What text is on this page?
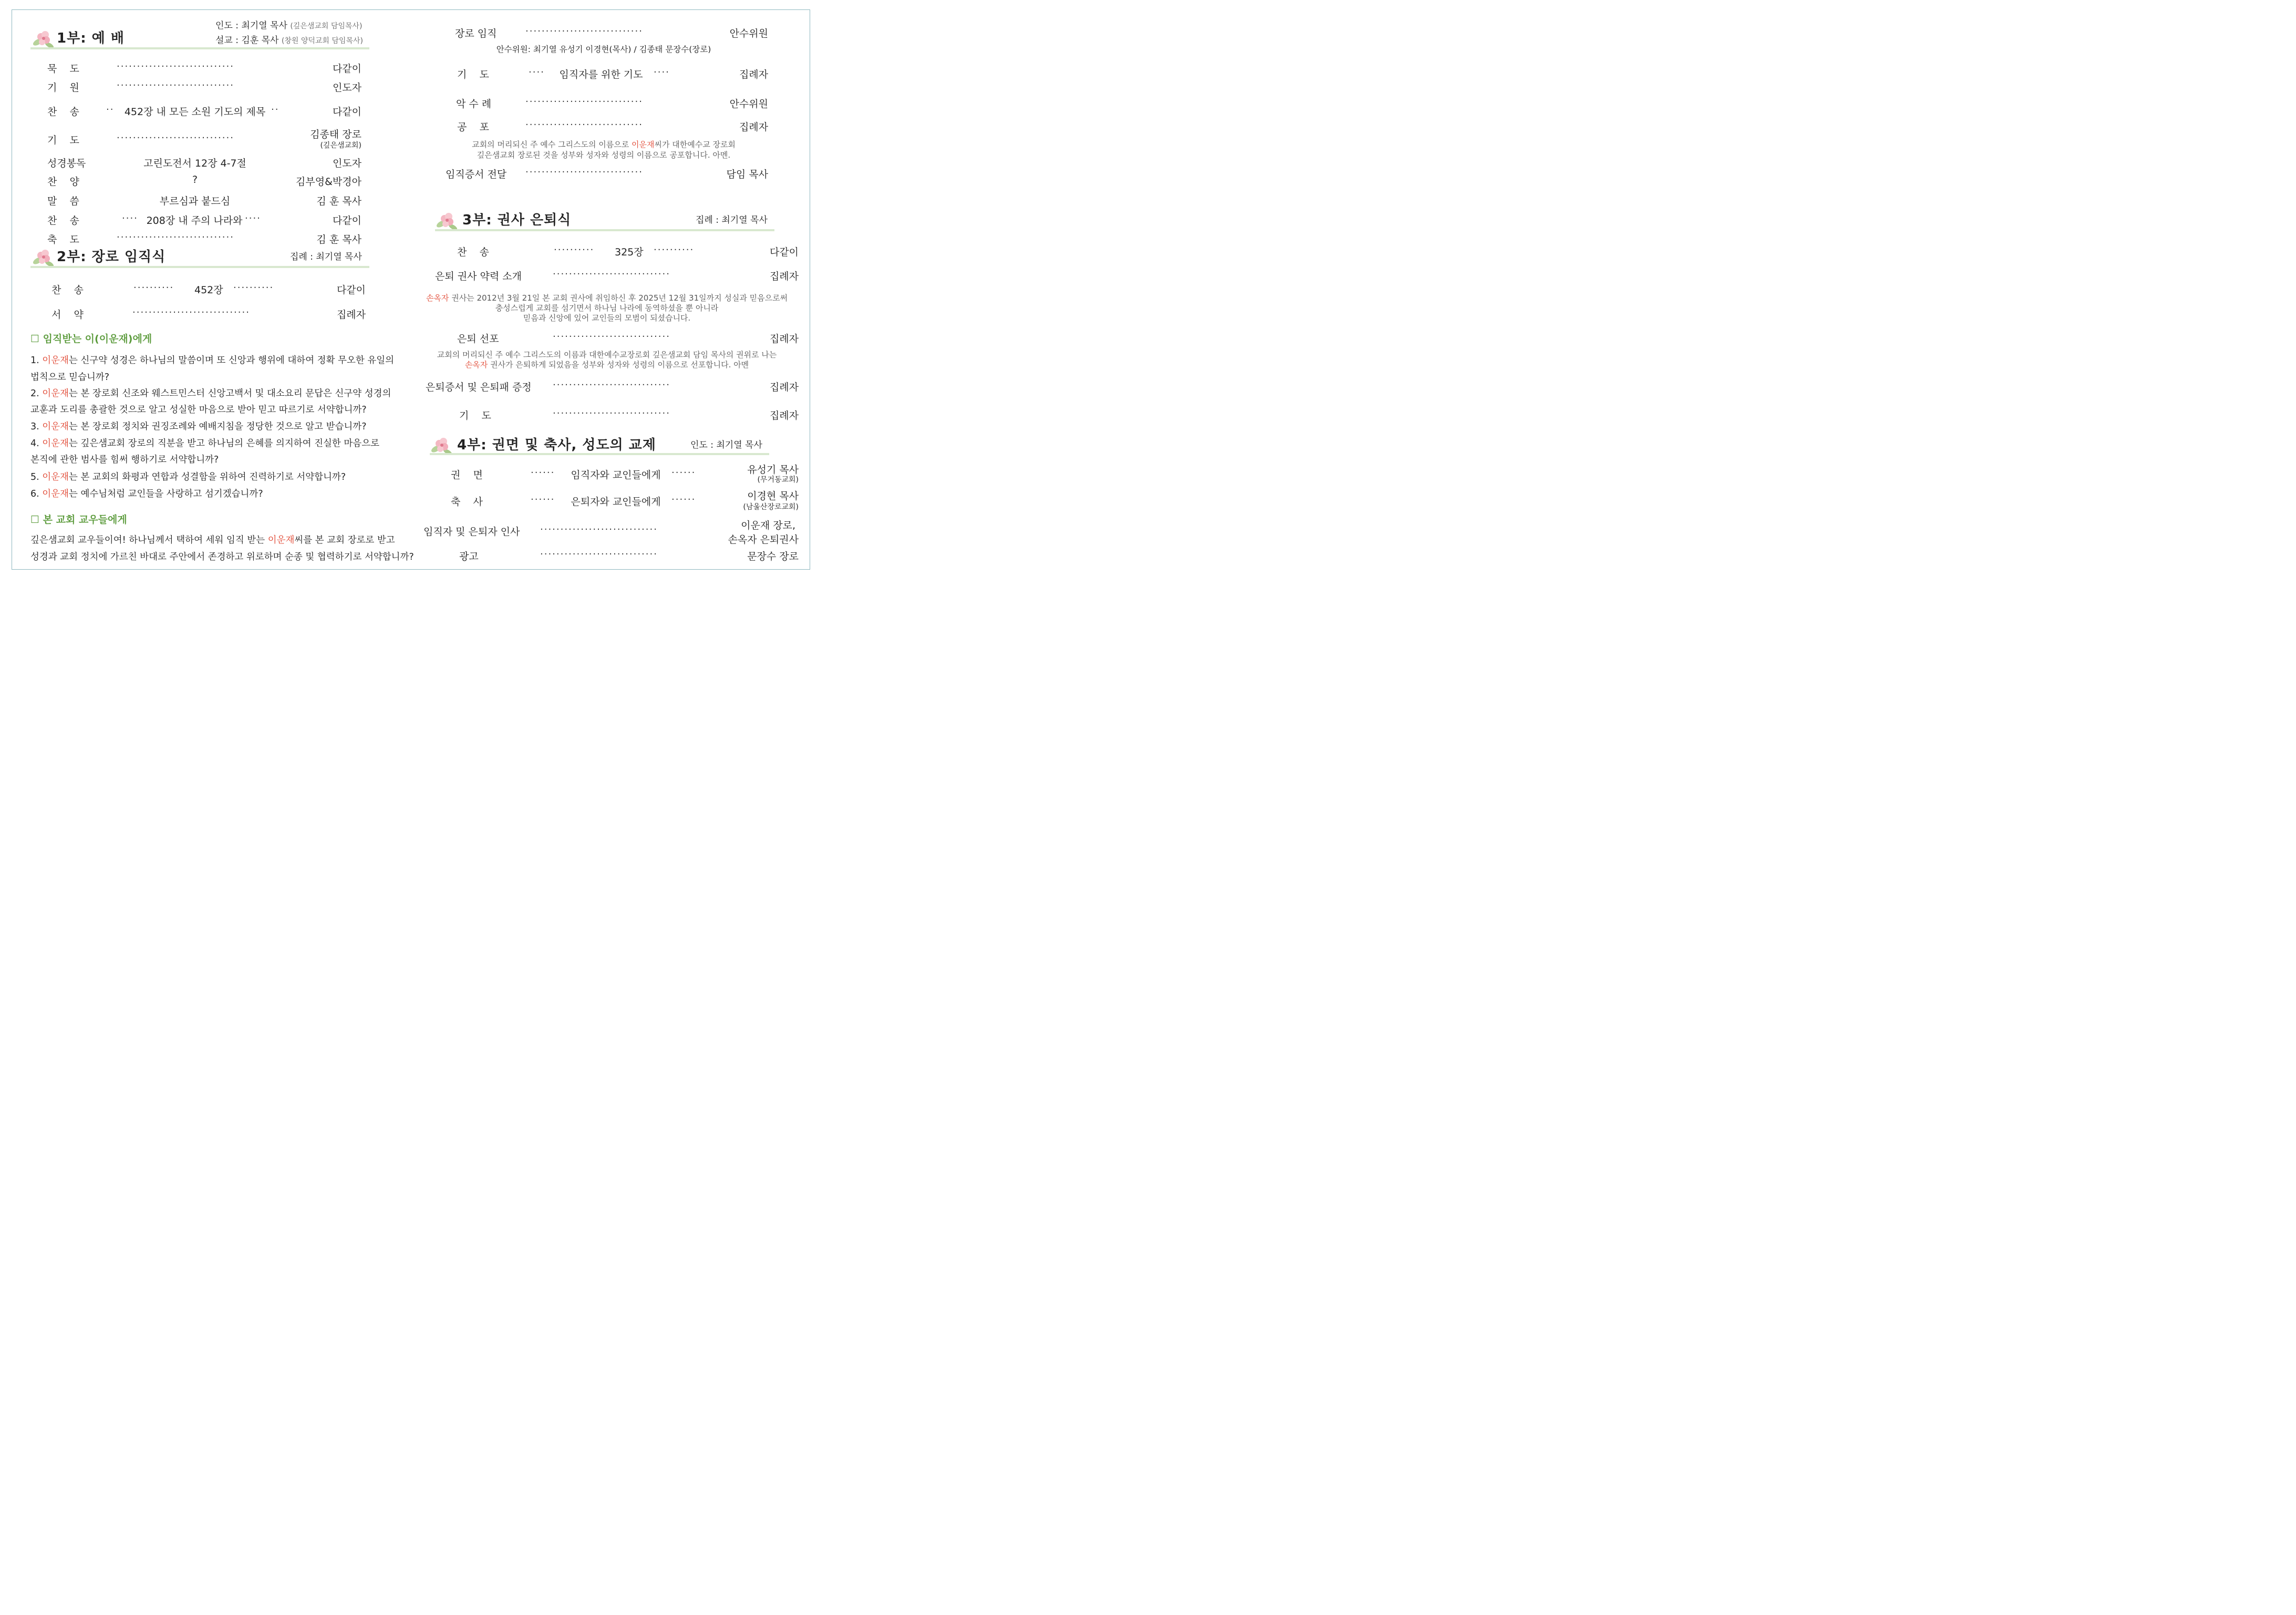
1부: 예 배
인도 : 최기열 목사 (깊은샘교회 담임목사)
설교 : 김훈 목사 (창원 양덕교회 담임목사)
묵    도	·····························	다같이
기    원	·····························	인도자
찬    송	·· 452장 내 모든 소원 기도의 제목 ··	다같이
기    도	·····························	김종태 장로
(깊은샘교회)
성경봉독	고린도전서 12장 4-7절	인도자
찬    양	?	김부영&박경아
말    씀	부르심과 붙드심	김 훈 목사
찬    송	···· 208장 내 주의 나라와 ····	다같이
축    도	·····························	김 훈 목사
2부: 장로 임직식	집례 : 최기열 목사
찬    송	·········· 452장 ··········	다같이
서    약	·····························	집례자
☐ 임직받는 이(이운재)에게
1. 이운재는 신구약 성경은 하나님의 말씀이며 또 신앙과 행위에 대하여 정확 무오한 유일의
법칙으로 믿습니까?
2. 이운재는 본 장로회 신조와 웨스트민스터 신앙고백서 및 대소요리 문답은 신구약 성경의
교훈과 도리를 총괄한 것으로 알고 성실한 마음으로 받아 믿고 따르기로 서약합니까?
3. 이운재는 본 장로회 정치와 권징조례와 예배지침을 정당한 것으로 알고 받습니까?
4. 이운재는 깊은샘교회 장로의 직분을 받고 하나님의 은혜를 의지하여 진실한 마음으로
본직에 관한 범사를 힘써 행하기로 서약합니까?
5. 이운재는 본 교회의 화평과 연합과 성결함을 위하여 진력하기로 서약합니까?
6. 이운재는 예수님처럼 교인들을 사랑하고 섬기겠습니까?
☐ 본 교회 교우들에게
깊은샘교회 교우들이여! 하나님께서 택하여 세워 임직 받는 이운재씨를 본 교회 장로로 받고
성경과 교회 정치에 가르친 바대로 주안에서 존경하고 위로하며 순종 및 협력하기로 서약합니까?
장로 임직	·····························	안수위원
안수위원: 최기열 유성기 이경현(목사) / 김종태 문장수(장로)
기    도	····	임직자를 위한 기도	····	집례자
악 수 례	·····························	안수위원
공    포	·····························	집례자
교회의 머리되신 주 예수 그리스도의 이름으로 이운재씨가 대한예수교 장로회
깊은샘교회 장로된 것을 성부와 성자와 성령의 이름으로 공포합니다. 아멘.
임직증서 전달 ·····························	담임 목사
3부: 권사 은퇴식	집례 : 최기열 목사
찬    송	·········· 325장 ··········	다같이
은퇴 권사 약력 소개	·····························	집례자
손옥자 권사는 2012년 3월 21일 본 교회 권사에 취임하신 후 2025년 12월 31일까지 성실과 믿음으로써
충성스럽게 교회를 섬기면서 하나님 나라에 동역하셨을 뿐 아니라
믿음과 신앙에 있어 교인들의 모범이 되셨습니다.
은퇴 선포	·····························	집례자
교회의 머리되신 주 예수 그리스도의 이름과 대한예수교장로회 깊은샘교회 담임 목사의 권위로 나는
손옥자 권사가 은퇴하게 되었음을 성부와 성자와 성령의 이름으로 선포합니다. 아멘
은퇴증서 및 은퇴패 증정 ·····························	집례자
기    도	·····························	집례자
4부: 권면 및 축사, 성도의 교제	인도 : 최기열 목사
권    면	······	임직자와 교인들에게	······	유성기 목사
(무거동교회)
축    사	······	은퇴자와 교인들에게	······	이경현 목사
(남울산장로교회)
임직자 및 은퇴자 인사 ·····························	이운재 장로,
손옥자 은퇴권사
광고	·····························	문장수 장로
